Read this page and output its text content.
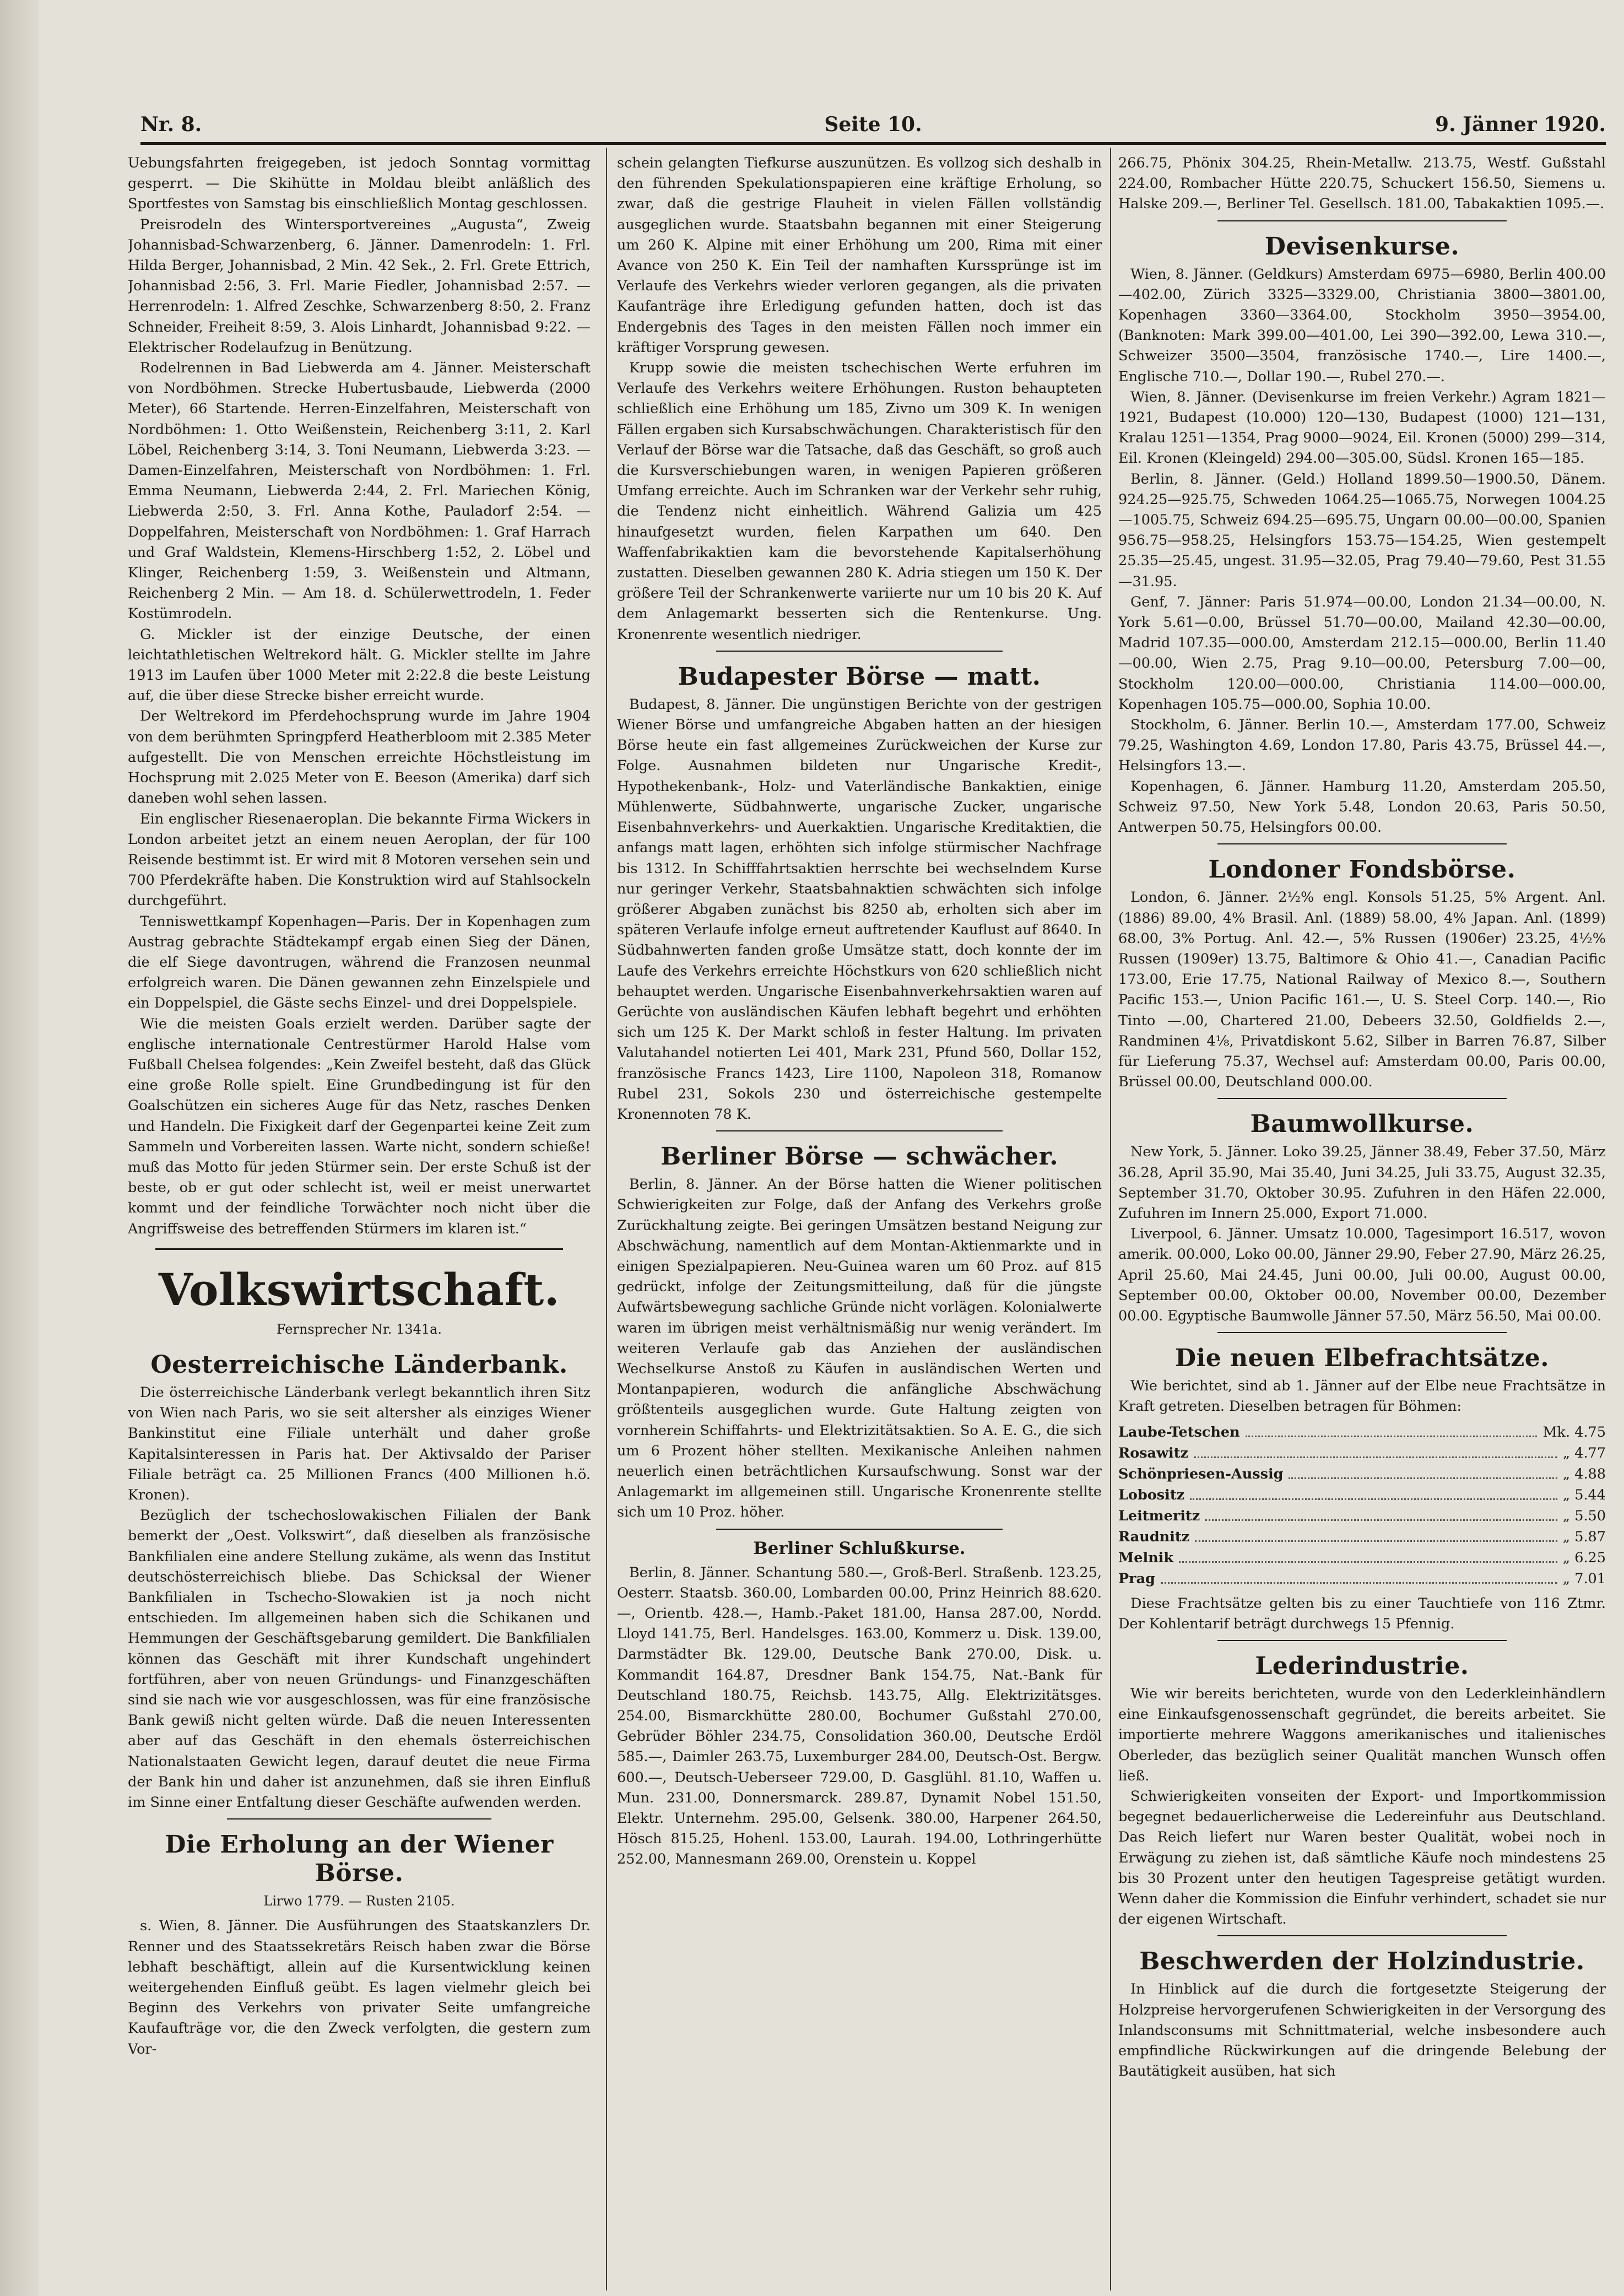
Nr. 8.	Seite 10.	9. Jänner 1920.

Uebungsfahrten freigegeben, ist jedoch Sonntag vormittag gesperrt. — Die Skihütte in Moldau bleibt anläßlich des Sportfestes von Samstag bis einschließlich Montag geschlossen.

Preisrodeln des Wintersportvereines „Augusta“, Zweig Johannisbad-Schwarzenberg, 6. Jänner. Damenrodeln: 1. Frl. Hilda Berger, Johannisbad, 2 Min. 42 Sek., 2. Frl. Grete Ettrich, Johannisbad 2:56, 3. Frl. Marie Fiedler, Johannisbad 2:57. — Herrenrodeln: 1. Alfred Zeschke, Schwarzenberg 8:50, 2. Franz Schneider, Freiheit 8:59, 3. Alois Linhardt, Johannisbad 9:22. — Elektrischer Rodelaufzug in Benützung.

Rodelrennen in Bad Liebwerda am 4. Jänner. Meisterschaft von Nordböhmen. Strecke Hubertusbaude, Liebwerda (2000 Meter), 66 Startende. Herren-Einzelfahren, Meisterschaft von Nordböhmen: 1. Otto Weißenstein, Reichenberg 3:11, 2. Karl Löbel, Reichenberg 3:14, 3. Toni Neumann, Liebwerda 3:23. — Damen-Einzelfahren, Meisterschaft von Nordböhmen: 1. Frl. Emma Neumann, Liebwerda 2:44, 2. Frl. Mariechen König, Liebwerda 2:50, 3. Frl. Anna Kothe, Pauladorf 2:54. — Doppelfahren, Meisterschaft von Nordböhmen: 1. Graf Harrach und Graf Waldstein, Klemens-Hirschberg 1:52, 2. Löbel und Klinger, Reichenberg 1:59, 3. Weißenstein und Altmann, Reichenberg 2 Min. — Am 18. d. Schülerwettrodeln, 1. Feder Kostümrodeln.

G. Mickler ist der einzige Deutsche, der einen leichtathletischen Weltrekord hält. G. Mickler stellte im Jahre 1913 im Laufen über 1000 Meter mit 2:22.8 die beste Leistung auf, die über diese Strecke bisher erreicht wurde.

Der Weltrekord im Pferdehochsprung wurde im Jahre 1904 von dem berühmten Springpferd Heatherbloom mit 2.385 Meter aufgestellt. Die von Menschen erreichte Höchstleistung im Hochsprung mit 2.025 Meter von E. Beeson (Amerika) darf sich daneben wohl sehen lassen.

Ein englischer Riesenaeroplan. Die bekannte Firma Wickers in London arbeitet jetzt an einem neuen Aeroplan, der für 100 Reisende bestimmt ist. Er wird mit 8 Motoren versehen sein und 700 Pferdekräfte haben. Die Konstruktion wird auf Stahlsockeln durchgeführt.

Tenniswettkampf Kopenhagen—Paris. Der in Kopenhagen zum Austrag gebrachte Städtekampf ergab einen Sieg der Dänen, die elf Siege davontrugen, während die Franzosen neunmal erfolgreich waren. Die Dänen gewannen zehn Einzelspiele und ein Doppelspiel, die Gäste sechs Einzel- und drei Doppelspiele.

Wie die meisten Goals erzielt werden. Darüber sagte der englische internationale Centrestürmer Harold Halse vom Fußball Chelsea folgendes: „Kein Zweifel besteht, daß das Glück eine große Rolle spielt. Eine Grundbedingung ist für den Goalschützen ein sicheres Auge für das Netz, rasches Denken und Handeln. Die Fixigkeit darf der Gegenpartei keine Zeit zum Sammeln und Vorbereiten lassen. Warte nicht, sondern schieße! muß das Motto für jeden Stürmer sein. Der erste Schuß ist der beste, ob er gut oder schlecht ist, weil er meist unerwartet kommt und der feindliche Torwächter noch nicht über die Angriffsweise des betreffenden Stürmers im klaren ist.“

Volkswirtschaft.
Fernsprecher Nr. 1341a.
Oesterreichische Länderbank.

Die österreichische Länderbank verlegt bekanntlich ihren Sitz von Wien nach Paris, wo sie seit altersher als einziges Wiener Bankinstitut eine Filiale unterhält und daher große Kapitalsinteressen in Paris hat. Der Aktivsaldo der Pariser Filiale beträgt ca. 25 Millionen Francs (400 Millionen h.ö. Kronen).

Bezüglich der tschechoslowakischen Filialen der Bank bemerkt der „Oest. Volkswirt“, daß dieselben als französische Bankfilialen eine andere Stellung zukäme, als wenn das Institut deutschösterreichisch bliebe. Das Schicksal der Wiener Bankfilialen in Tschecho-Slowakien ist ja noch nicht entschieden. Im allgemeinen haben sich die Schikanen und Hemmungen der Geschäftsgebarung gemildert. Die Bankfilialen können das Geschäft mit ihrer Kundschaft ungehindert fortführen, aber von neuen Gründungs- und Finanzgeschäften sind sie nach wie vor ausgeschlossen, was für eine französische Bank gewiß nicht gelten würde. Daß die neuen Interessenten aber auf das Geschäft in den ehemals österreichischen Nationalstaaten Gewicht legen, darauf deutet die neue Firma der Bank hin und daher ist anzunehmen, daß sie ihren Einfluß im Sinne einer Entfaltung dieser Geschäfte aufwenden werden.

Die Erholung an der Wiener Börse.
Lirwo 1779. — Rusten 2105.

s. Wien, 8. Jänner. Die Ausführungen des Staatskanzlers Dr. Renner und des Staatssekretärs Reisch haben zwar die Börse lebhaft beschäftigt, allein auf die Kursentwicklung keinen weitergehenden Einfluß geübt. Es lagen vielmehr gleich bei Beginn des Verkehrs von privater Seite umfangreiche Kaufaufträge vor, die den Zweck verfolgten, die gestern zum Vor-

schein gelangten Tiefkurse auszunützen. Es vollzog sich deshalb in den führenden Spekulationspapieren eine kräftige Erholung, so zwar, daß die gestrige Flauheit in vielen Fällen vollständig ausgeglichen wurde. Staatsbahn begannen mit einer Steigerung um 260 K. Alpine mit einer Erhöhung um 200, Rima mit einer Avance von 250 K. Ein Teil der namhaften Kurssprünge ist im Verlaufe des Verkehrs wieder verloren gegangen, als die privaten Kaufanträge ihre Erledigung gefunden hatten, doch ist das Endergebnis des Tages in den meisten Fällen noch immer ein kräftiger Vorsprung gewesen.

Krupp sowie die meisten tschechischen Werte erfuhren im Verlaufe des Verkehrs weitere Erhöhungen. Ruston behaupteten schließlich eine Erhöhung um 185, Zivno um 309 K. In wenigen Fällen ergaben sich Kursabschwächungen. Charakteristisch für den Verlauf der Börse war die Tatsache, daß das Geschäft, so groß auch die Kursverschiebungen waren, in wenigen Papieren größeren Umfang erreichte. Auch im Schranken war der Verkehr sehr ruhig, die Tendenz nicht einheitlich. Während Galizia um 425 hinaufgesetzt wurden, fielen Karpathen um 640. Den Waffenfabrikaktien kam die bevorstehende Kapitalserhöhung zustatten. Dieselben gewannen 280 K. Adria stiegen um 150 K. Der größere Teil der Schrankenwerte variierte nur um 10 bis 20 K. Auf dem Anlagemarkt besserten sich die Rentenkurse. Ung. Kronenrente wesentlich niedriger.

Budapester Börse — matt.

Budapest, 8. Jänner. Die ungünstigen Berichte von der gestrigen Wiener Börse und umfangreiche Abgaben hatten an der hiesigen Börse heute ein fast allgemeines Zurückweichen der Kurse zur Folge. Ausnahmen bildeten nur Ungarische Kredit-, Hypothekenbank-, Holz- und Vaterländische Bankaktien, einige Mühlenwerte, Südbahnwerte, ungarische Zucker, ungarische Eisenbahnverkehrs- und Auerkaktien. Ungarische Kreditaktien, die anfangs matt lagen, erhöhten sich infolge stürmischer Nachfrage bis 1312. In Schifffahrtsaktien herrschte bei wechselndem Kurse nur geringer Verkehr, Staatsbahnaktien schwächten sich infolge größerer Abgaben zunächst bis 8250 ab, erholten sich aber im späteren Verlaufe infolge erneut auftretender Kauflust auf 8640. In Südbahnwerten fanden große Umsätze statt, doch konnte der im Laufe des Verkehrs erreichte Höchstkurs von 620 schließlich nicht behauptet werden. Ungarische Eisenbahnverkehrsaktien waren auf Gerüchte von ausländischen Käufen lebhaft begehrt und erhöhten sich um 125 K. Der Markt schloß in fester Haltung. Im privaten Valutahandel notierten Lei 401, Mark 231, Pfund 560, Dollar 152, französische Francs 1423, Lire 1100, Napoleon 318, Romanow Rubel 231, Sokols 230 und österreichische gestempelte Kronennoten 78 K.

Berliner Börse — schwächer.

Berlin, 8. Jänner. An der Börse hatten die Wiener politischen Schwierigkeiten zur Folge, daß der Anfang des Verkehrs große Zurückhaltung zeigte. Bei geringen Umsätzen bestand Neigung zur Abschwächung, namentlich auf dem Montan-Aktienmarkte und in einigen Spezialpapieren. Neu-Guinea waren um 60 Proz. auf 815 gedrückt, infolge der Zeitungsmitteilung, daß für die jüngste Aufwärtsbewegung sachliche Gründe nicht vorlägen. Kolonialwerte waren im übrigen meist verhältnismäßig nur wenig verändert. Im weiteren Verlaufe gab das Anziehen der ausländischen Wechselkurse Anstoß zu Käufen in ausländischen Werten und Montanpapieren, wodurch die anfängliche Abschwächung größtenteils ausgeglichen wurde. Gute Haltung zeigten von vornherein Schiffahrts- und Elektrizitätsaktien. So A. E. G., die sich um 6 Prozent höher stellten. Mexikanische Anleihen nahmen neuerlich einen beträchtlichen Kursaufschwung. Sonst war der Anlagemarkt im allgemeinen still. Ungarische Kronenrente stellte sich um 10 Proz. höher.

Berliner Schlußkurse.

Berlin, 8. Jänner. Schantung 580.—, Groß-Berl. Straßenb. 123.25, Oesterr. Staatsb. 360.00, Lombarden 00.00, Prinz Heinrich 88.620.—, Orientb. 428.—, Hamb.-Paket 181.00, Hansa 287.00, Nordd. Lloyd 141.75, Berl. Handelsges. 163.00, Kommerz u. Disk. 139.00, Darmstädter Bk. 129.00, Deutsche Bank 270.00, Disk. u. Kommandit 164.87, Dresdner Bank 154.75, Nat.-Bank für Deutschland 180.75, Reichsb. 143.75, Allg. Elektrizitätsges. 254.00, Bismarckhütte 280.00, Bochumer Gußstahl 270.00, Gebrüder Böhler 234.75, Consolidation 360.00, Deutsche Erdöl 585.—, Daimler 263.75, Luxemburger 284.00, Deutsch-Ost. Bergw. 600.—, Deutsch-Ueberseer 729.00, D. Gasglühl. 81.10, Waffen u. Mun. 231.00, Donnersmarck. 289.87, Dynamit Nobel 151.50, Elektr. Unternehm. 295.00, Gelsenk. 380.00, Harpener 264.50, Hösch 815.25, Hohenl. 153.00, Laurah. 194.00, Lothringerhütte 252.00, Mannesmann 269.00, Orenstein u. Koppel

266.75, Phönix 304.25, Rhein-Metallw. 213.75, Westf. Gußstahl 224.00, Rombacher Hütte 220.75, Schuckert 156.50, Siemens u. Halske 209.—, Berliner Tel. Gesellsch. 181.00, Tabakaktien 1095.—.

Devisenkurse.

Wien, 8. Jänner. (Geldkurs) Amsterdam 6975—6980, Berlin 400.00—402.00, Zürich 3325—3329.00, Christiania 3800—3801.00, Kopenhagen 3360—3364.00, Stockholm 3950—3954.00, (Banknoten: Mark 399.00—401.00, Lei 390—392.00, Lewa 310.—, Schweizer 3500—3504, französische 1740.—, Lire 1400.—, Englische 710.—, Dollar 190.—, Rubel 270.—.

Wien, 8. Jänner. (Devisenkurse im freien Verkehr.) Agram 1821—1921, Budapest (10.000) 120—130, Budapest (1000) 121—131, Kralau 1251—1354, Prag 9000—9024, Eil. Kronen (5000) 299—314, Eil. Kronen (Kleingeld) 294.00—305.00, Südsl. Kronen 165—185.

Berlin, 8. Jänner. (Geld.) Holland 1899.50—1900.50, Dänem. 924.25—925.75, Schweden 1064.25—1065.75, Norwegen 1004.25—1005.75, Schweiz 694.25—695.75, Ungarn 00.00—00.00, Spanien 956.75—958.25, Helsingfors 153.75—154.25, Wien gestempelt 25.35—25.45, ungest. 31.95—32.05, Prag 79.40—79.60, Pest 31.55—31.95.

Genf, 7. Jänner: Paris 51.974—00.00, London 21.34—00.00, N. York 5.61—0.00, Brüssel 51.70—00.00, Mailand 42.30—00.00, Madrid 107.35—000.00, Amsterdam 212.15—000.00, Berlin 11.40—00.00, Wien 2.75, Prag 9.10—00.00, Petersburg 7.00—00, Stockholm 120.00—000.00, Christiania 114.00—000.00, Kopenhagen 105.75—000.00, Sophia 10.00.

Stockholm, 6. Jänner. Berlin 10.—, Amsterdam 177.00, Schweiz 79.25, Washington 4.69, London 17.80, Paris 43.75, Brüssel 44.—, Helsingfors 13.—.

Kopenhagen, 6. Jänner. Hamburg 11.20, Amsterdam 205.50, Schweiz 97.50, New York 5.48, London 20.63, Paris 50.50, Antwerpen 50.75, Helsingfors 00.00.

Londoner Fondsbörse.

London, 6. Jänner. 2½% engl. Konsols 51.25, 5% Argent. Anl. (1886) 89.00, 4% Brasil. Anl. (1889) 58.00, 4% Japan. Anl. (1899) 68.00, 3% Portug. Anl. 42.—, 5% Russen (1906er) 23.25, 4½% Russen (1909er) 13.75, Baltimore & Ohio 41.—, Canadian Pacific 173.00, Erie 17.75, National Railway of Mexico 8.—, Southern Pacific 153.—, Union Pacific 161.—, U. S. Steel Corp. 140.—, Rio Tinto —.00, Chartered 21.00, Debeers 32.50, Goldfields 2.—, Randminen 4⅛, Privatdiskont 5.62, Silber in Barren 76.87, Silber für Lieferung 75.37, Wechsel auf: Amsterdam 00.00, Paris 00.00, Brüssel 00.00, Deutschland 000.00.

Baumwollkurse.

New York, 5. Jänner. Loko 39.25, Jänner 38.49, Feber 37.50, März 36.28, April 35.90, Mai 35.40, Juni 34.25, Juli 33.75, August 32.35, September 31.70, Oktober 30.95. Zufuhren in den Häfen 22.000, Zufuhren im Innern 25.000, Export 71.000.

Liverpool, 6. Jänner. Umsatz 10.000, Tagesimport 16.517, wovon amerik. 00.000, Loko 00.00, Jänner 29.90, Feber 27.90, März 26.25, April 25.60, Mai 24.45, Juni 00.00, Juli 00.00, August 00.00, September 00.00, Oktober 00.00, November 00.00, Dezember 00.00. Egyptische Baumwolle Jänner 57.50, März 56.50, Mai 00.00.

Die neuen Elbefrachtsätze.

Wie berichtet, sind ab 1. Jänner auf der Elbe neue Frachtsätze in Kraft getreten. Dieselben betragen für Böhmen:

Laube-Tetschen	Mk. 4.75
Rosawitz	„ 4.77
Schönpriesen-Aussig	„ 4.88
Lobositz	„ 5.44
Leitmeritz	„ 5.50
Raudnitz	„ 5.87
Melnik	„ 6.25
Prag	„ 7.01

Diese Frachtsätze gelten bis zu einer Tauchtiefe von 116 Ztmr. Der Kohlentarif beträgt durchwegs 15 Pfennig.

Lederindustrie.

Wie wir bereits berichteten, wurde von den Lederkleinhändlern eine Einkaufsgenossenschaft gegründet, die bereits arbeitet. Sie importierte mehrere Waggons amerikanisches und italienisches Oberleder, das bezüglich seiner Qualität manchen Wunsch offen ließ.

Schwierigkeiten vonseiten der Export- und Importkommission begegnet bedauerlicherweise die Ledereinfuhr aus Deutschland. Das Reich liefert nur Waren bester Qualität, wobei noch in Erwägung zu ziehen ist, daß sämtliche Käufe noch mindestens 25 bis 30 Prozent unter den heutigen Tagespreise getätigt wurden. Wenn daher die Kommission die Einfuhr verhindert, schadet sie nur der eigenen Wirtschaft.

Beschwerden der Holzindustrie.

In Hinblick auf die durch die fortgesetzte Steigerung der Holzpreise hervorgerufenen Schwierigkeiten in der Versorgung des Inlandsconsums mit Schnittmaterial, welche insbesondere auch empfindliche Rückwirkungen auf die dringende Belebung der Bautätigkeit ausüben, hat sich
